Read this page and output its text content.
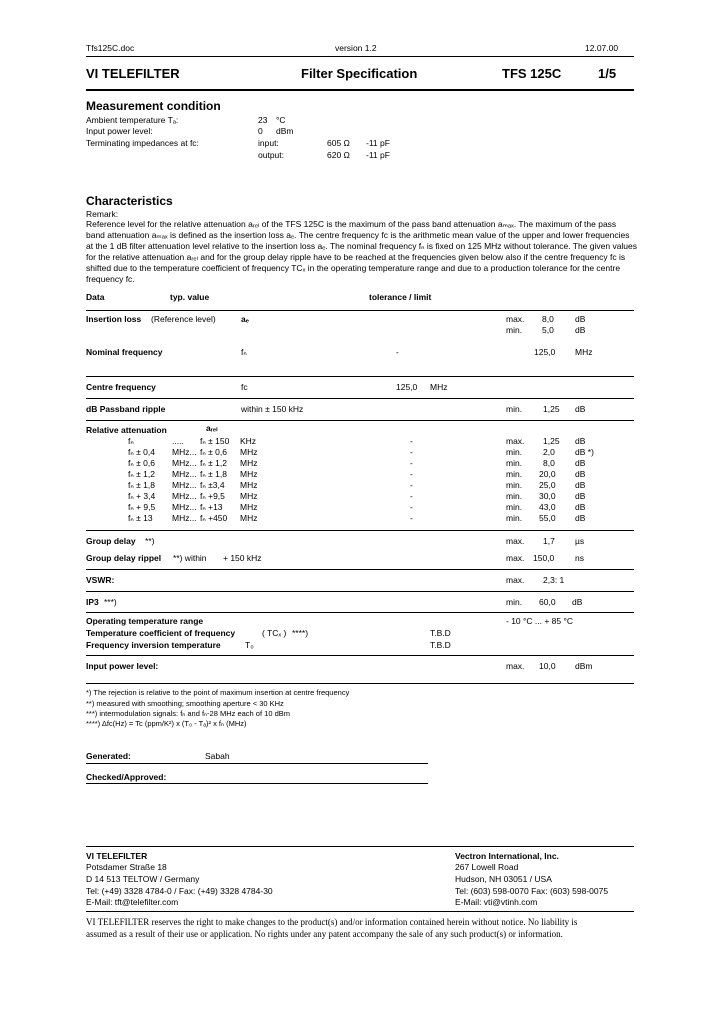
Tfs125C.doc	version 1.2	12.07.00
VI TELEFILTER	Filter Specification	TFS 125C	1/5
Measurement condition
Ambient temperature Tₐ:	23 °C
Input power level:	0 dBm
Terminating impedances at fᴄ:	input:	605 Ω -11 pF
output:	620 Ω -11 pF
Characteristics
Remark:
Reference level for the relative attenuation aᵣₑₗ of the TFS 125C is the maximum of the pass band attenuation aₘₐₓ. The maximum of the pass
band attenuation aₘₐₓ is defined as the insertion loss aₑ. The centre frequency fᴄ is the arithmetic mean value of the upper and lower frequencies
at the 1 dB filter attenuation level relative to the insertion loss aₑ. The nominal frequency fₙ is fixed on 125 MHz without tolerance. The given values
for the relative attenuation aᵣₑₗ and for the group delay ripple have to be reached at the frequencies given below also if the centre frequency fᴄ is
shifted due to the temperature coefficient of frequency TCₓ in the operating temperature range and due to a production tolerance for the centre
frequency fᴄ.
Data	typ. value	tolerance / limit
Insertion loss (Reference level)	aₑ	max. 8,0 dB
min. 5,0 dB
Nominal frequency	fₙ	-	125,0 MHz
Centre frequency	fᴄ	125,0 MHz
dB Passband ripple	within ± 150 kHz	min. 1,25 dB
Relative attenuation	aᵣₑₗ
fₙ	..... fₙ ± 150 KHz	-	max. 1,25 dB
fₙ ± 0,4 MHz... fₙ ± 0,6 MHz	-	min. 2,0 dB *)
fₙ ± 0,6 MHz... fₙ ± 1,2 MHz	-	min. 8,0 dB
fₙ ± 1,2 MHz... fₙ ± 1,8 MHz	-	min. 20,0 dB
fₙ ± 1,8 MHz... fₙ ±3,4 MHz	-	min. 25,0 dB
fₙ + 3,4 MHz... fₙ +9,5 MHz	-	min. 30,0 dB
fₙ + 9,5 MHz... fₙ +13 MHz	-	min. 43,0 dB
fₙ ± 13 MHz... fₙ +450 MHz	-	min. 55,0 dB
Group delay **)	max. 1,7 µs
Group delay rippel **) within + 150 kHz	max. 150,0 ns
VSWR:	max. 2,3: 1
IP3 ***)	min. 60,0 dB
Operating temperature range	- 10 °C ... + 85 °C
Temperature coefficient of frequency	( TCₓ ) ****)	T.B.D
Frequency inversion temperature	T₀	T.B.D
Input power level:	max. 10,0 dBm
*) The rejection is relative to the point of maximum insertion at centre frequency
**) measured with smoothing; smoothing aperture < 30 KHz
***) intermodulation signals: fₙ and fₙ-28 MHz each of 10 dBm
****) Δfᴄ(Hz) = Tc (ppm/K²) x (T₀ - Tₐ)² x fₙ (MHz)
Generated:	Sabah
Checked/Approved:
VI TELEFILTER
Potsdamer Straße 18
D 14 513 TELTOW / Germany
Tel: (+49) 3328 4784-0 / Fax: (+49) 3328 4784-30
E-Mail: tft@telefilter.com
Vectron International, Inc.
267 Lowell Road
Hudson, NH 03051 / USA
Tel: (603) 598-0070 Fax: (603) 598-0075
E-Mail: vti@vtinh.com
VI TELEFILTER reserves the right to make changes to the product(s) and/or information contained herein without notice. No liability is
assumed as a result of their use or application. No rights under any patent accompany the sale of any such product(s) or information.
